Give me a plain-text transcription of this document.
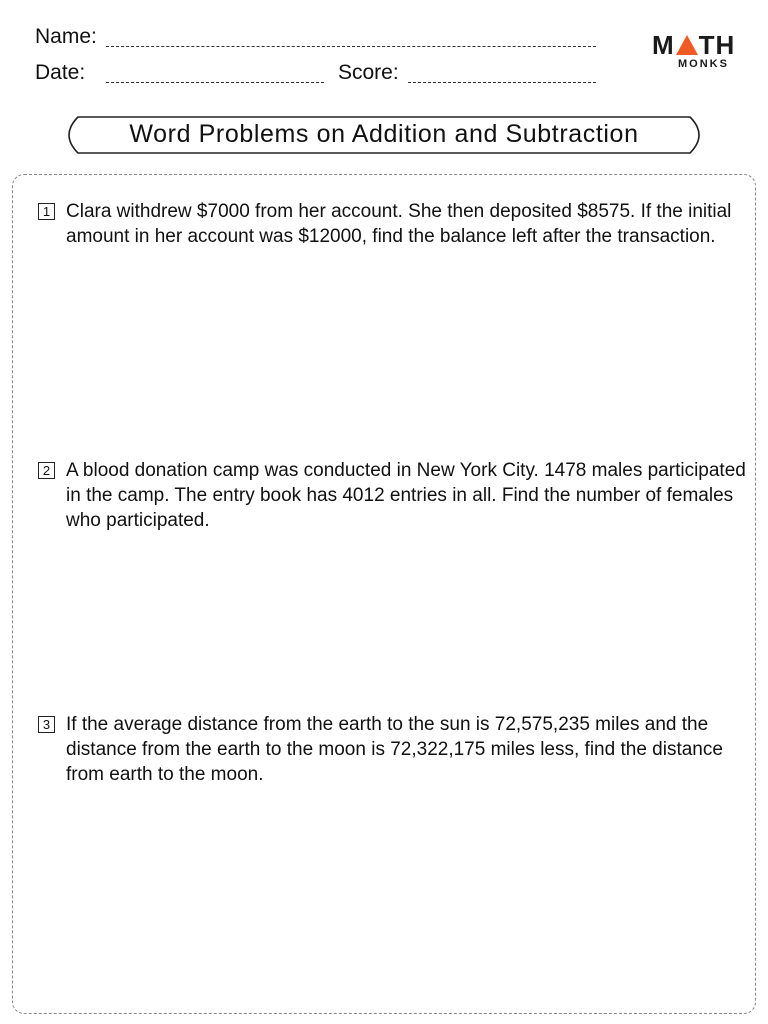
Name:
Date:	Score:
M TH
MONKS
Word Problems on Addition and Subtraction
1 Clara withdrew $7000 from her account. She then deposited $8575. If the initial amount in her account was $12000, find the balance left after the transaction.
2 A blood donation camp was conducted in New York City. 1478 males participated in the camp. The entry book has 4012 entries in all. Find the number of females who participated.
3 If the average distance from the earth to the sun is 72,575,235 miles and the distance from the earth to the moon is 72,322,175 miles less, find the distance from earth to the moon.
